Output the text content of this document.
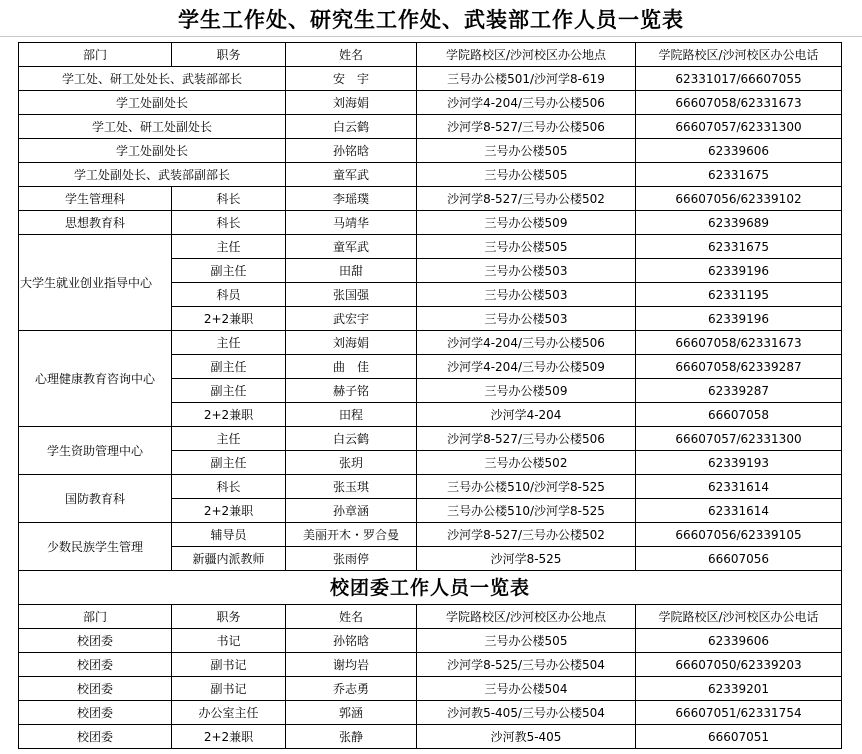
学生工作处、研究生工作处、武装部工作人员一览表
部门	职务	姓名	学院路校区/沙河校区办公地点	学院路校区/沙河校区办公电话
学工处、研工处处长、武装部部长		安　宇	三号办公楼501/沙河学8-619	62331017/66607055
学工处副处长		刘海娟	沙河学4-204/三号办公楼506	66607058/62331673
学工处、研工处副处长		白云鹤	沙河学8-527/三号办公楼506	66607057/62331300
学工处副处长		孙铭晗	三号办公楼505	62339606
学工处副处长、武装部副部长		童军武	三号办公楼505	62331675
学生管理科	科长	李瑶璞	沙河学8-527/三号办公楼502	66607056/62339102
思想教育科	科长	马靖华	三号办公楼509	62339689
大学生就业创业指导中心	主任	童军武	三号办公楼505	62331675
	副主任	田甜	三号办公楼503	62339196
	科员	张国强	三号办公楼503	62331195
	2+2兼职	武宏宇	三号办公楼503	62339196
心理健康教育咨询中心	主任	刘海娟	沙河学4-204/三号办公楼506	66607058/62331673
	副主任	曲　佳	沙河学4-204/三号办公楼509	66607058/62339287
	副主任	赫子铭	三号办公楼509	62339287
	2+2兼职	田程	沙河学4-204	66607058
学生资助管理中心	主任	白云鹤	沙河学8-527/三号办公楼506	66607057/62331300
	副主任	张玥	三号办公楼502	62339193
国防教育科	科长	张玉琪	三号办公楼510/沙河学8-525	62331614
	2+2兼职	孙章涵	三号办公楼510/沙河学8-525	62331614
少数民族学生管理	辅导员	美丽开木・罗合曼	沙河学8-527/三号办公楼502	66607056/62339105
	新疆内派教师	张雨停	沙河学8-525	66607056
校团委工作人员一览表				
部门	职务	姓名	学院路校区/沙河校区办公地点	学院路校区/沙河校区办公电话
校团委	书记	孙铭晗	三号办公楼505	62339606
校团委	副书记	谢均岩	沙河学8-525/三号办公楼504	66607050/62339203
校团委	副书记	乔志勇	三号办公楼504	62339201
校团委	办公室主任	郭涵	沙河教5-405/三号办公楼504	66607051/62331754
校团委	2+2兼职	张静	沙河教5-405	66607051
